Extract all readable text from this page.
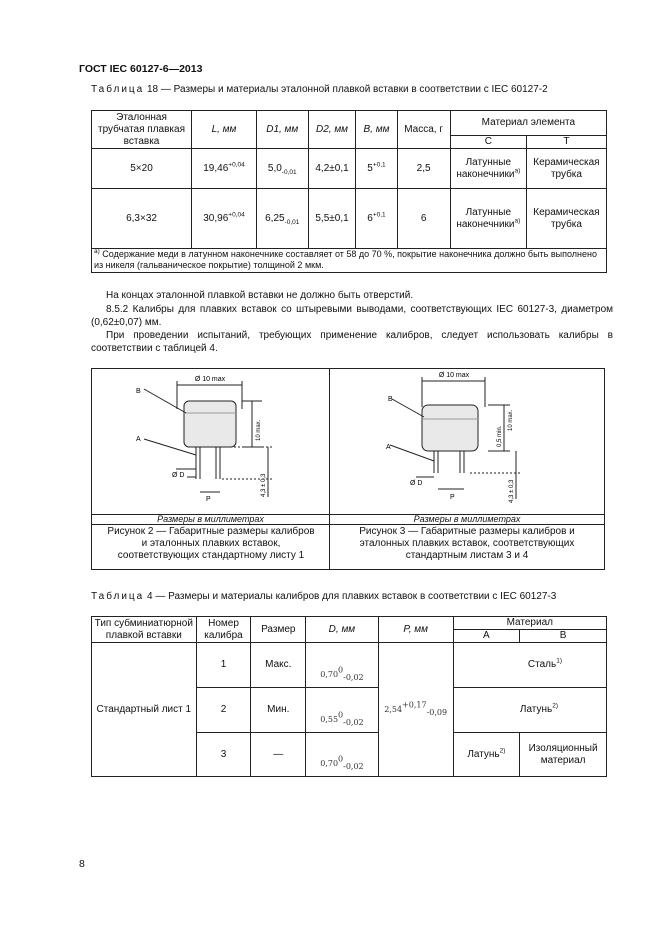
ГОСТ IEC 60127-6—2013
Таблица 18 — Размеры и материалы эталонной плавкой вставки в соответствии с IEC 60127-2
Эталонная трубчатая плавкая вставка	L, мм	D1, мм	D2, мм	B, мм	Масса, г	Материал элемента	
						C	T
5×20	$19,46^{+0,04}$	$5,0_{-0,01}$	4,2±0,1	$5^{+0,1}$	2,5	Латунные наконечники$^{a)}$	Керамическая трубка
6,3×32	$30,96^{+0,04}$	$6,25_{-0,01}$	5,5±0,1	$6^{+0,1}$	6	Латунные наконечники$^{a)}$	Керамическая трубка
$^{a)}$ Содержание меди в латунном наконечнике составляет от 58 до 70 %, покрытие наконечника должно быть выполнено из никеля (гальваническое покрытие) толщиной 2 мкм.							
На концах эталонной плавкой вставки не должно быть отверстий.
8.5.2 Калибры для плавких вставок со штыревыми выводами, соответствующих IEC 60127-3, диаметром (0,62±0,07) мм.
При проведении испытаний, требующих применение калибров, следует использовать калибры в соответствии с таблицей 4.
Ø 10 max
B
A
Ø D
P
10 max.
4,3 ± 0,3
Ø 10 max
B
A
Ø D
P
0,5 min.
10 max.
4,3 ± 0,3
Размеры в миллиметрах	Размеры в миллиметрах
Рисунок 2 — Габаритные размеры калибров и эталонных плавких вставок, соответствующих стандартному листу 1
Рисунок 3 — Габаритные размеры калибров и эталонных плавких вставок, соответствующих стандартным листам 3 и 4
Таблица 4 — Размеры и материалы калибров для плавких вставок в соответствии с IEC 60127-3
Тип субминиатюрной плавкой вставки	Номер калибра	Размер	D, мм	P, мм	Материал	
					A	B
Стандартный лист 1	1	Макс.	$0,70^0_{-0,02}$	$2,54^{+0,17}_{-0,09}$	Сталь$^{1)}$
	2	Мин.	$0,55^0_{-0,02}$		Латунь$^{2)}$
	3	—	$0,70^0_{-0,02}$		Латунь$^{2)}$	Изоляционный материал
8
